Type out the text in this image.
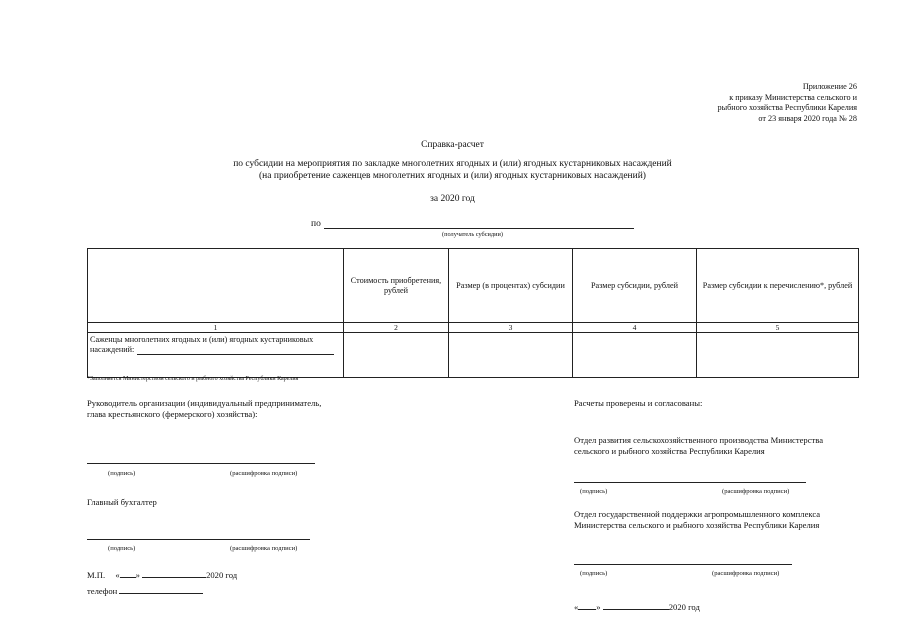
Приложение 26
к приказу Министерства сельского и
рыбного хозяйства Республики Карелия
от 23 января 2020 года № 28
Справка-расчет
по субсидии на мероприятия по закладке многолетних ягодных и (или) ягодных кустарниковых насаждений
(на приобретение саженцев многолетних ягодных и (или) ягодных кустарниковых насаждений)
за 2020 год
по
(получатель субсидии)
	Стоимость приобретения, рублей	Размер (в процентах) субсидии	Размер субсидии, рублей	Размер субсидии к перечислению*, рублей
1	2	3	4	5
Саженцы многолетних ягодных и (или) ягодных кустарниковых насаждений:				
*Заполняется Министерством сельского и рыбного хозяйства Республики Карелия
Руководитель организации (индивидуальный предприниматель,
глава крестьянского (фермерского) хозяйства):
(подпись)	(расшифровка подписи)
Главный бухгалтер
(подпись)	(расшифровка подписи)
М.П. « »	2020 год
телефон
Расчеты проверены и согласованы:
Отдел развития сельскохозяйственного производства Министерства
сельского и рыбного хозяйства Республики Карелия
(подпись)	(расшифровка подписи)
Отдел государственной поддержки агропромышленного комплекса
Министерства сельского и рыбного хозяйства Республики Карелия
(подпись)	(расшифровка подписи)
« »	2020 год
